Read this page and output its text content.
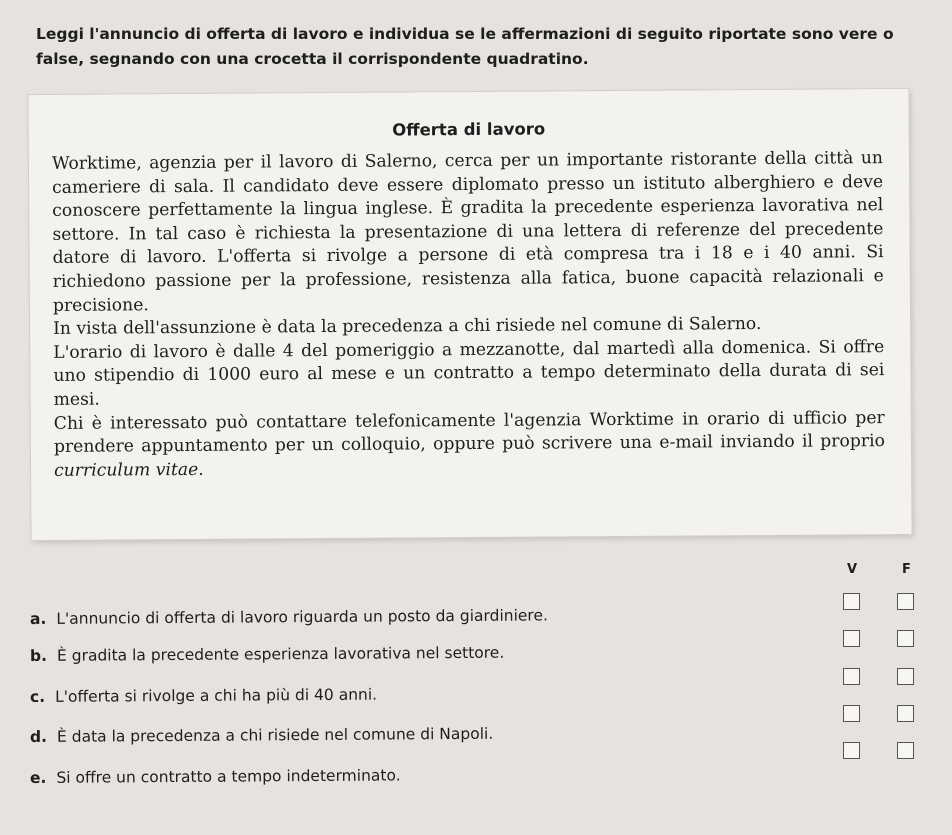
Leggi l'annuncio di offerta di lavoro e individua se le affermazioni di seguito riportate sono vere o false, segnando con una crocetta il corrispondente quadratino.

Offerta di lavoro

Worktime, agenzia per il lavoro di Salerno, cerca per un importante ristorante della città un cameriere di sala. Il candidato deve essere diplomato presso un istituto alberghiero e deve conoscere perfettamente la lingua inglese. È gradita la precedente esperienza lavorativa nel settore. In tal caso è richiesta la presentazione di una lettera di referenze del precedente datore di lavoro. L'offerta si rivolge a persone di età compresa tra i 18 e i 40 anni. Si richiedono passione per la professione, resistenza alla fatica, buone capacità relazionali e precisione.

In vista dell'assunzione è data la precedenza a chi risiede nel comune di Salerno.

L'orario di lavoro è dalle 4 del pomeriggio a mezzanotte, dal martedì alla domenica. Si offre uno stipendio di 1000 euro al mese e un contratto a tempo determinato della durata di sei mesi.

Chi è interessato può contattare telefonicamente l'agenzia Worktime in orario di ufficio per prendere appuntamento per un colloquio, oppure può scrivere una e-mail inviando il proprio curriculum vitae.

V	F
a. L'annuncio di offerta di lavoro riguarda un posto da giardiniere.
b. È gradita la precedente esperienza lavorativa nel settore.
c. L'offerta si rivolge a chi ha più di 40 anni.
d. È data la precedenza a chi risiede nel comune di Napoli.
e. Si offre un contratto a tempo indeterminato.
